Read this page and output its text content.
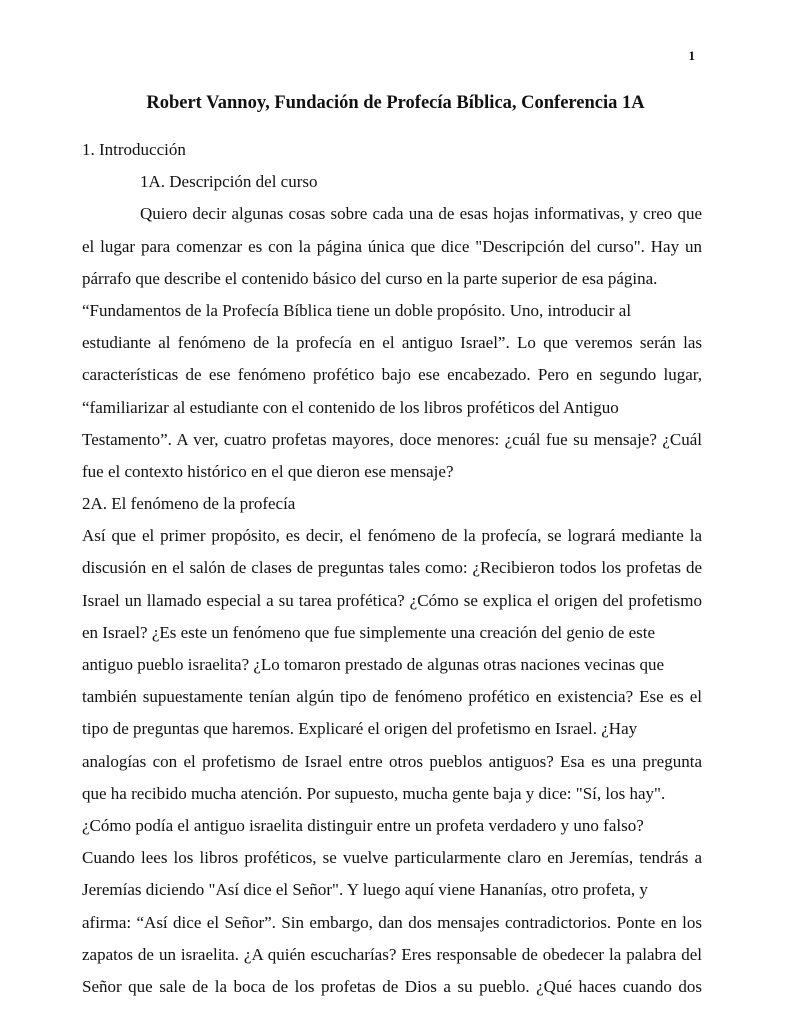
1
Robert Vannoy, Fundación de Profecía Bíblica, Conferencia 1A
1. Introducción
1A. Descripción del curso
Quiero decir algunas cosas sobre cada una de esas hojas informativas, y creo que
el lugar para comenzar es con la página única que dice "Descripción del curso". Hay un
párrafo que describe el contenido básico del curso en la parte superior de esa página.
“Fundamentos de la Profecía Bíblica tiene un doble propósito. Uno, introducir al
estudiante al fenómeno de la profecía en el antiguo Israel”. Lo que veremos serán las
características de ese fenómeno profético bajo ese encabezado. Pero en segundo lugar,
“familiarizar al estudiante con el contenido de los libros proféticos del Antiguo
Testamento”. A ver, cuatro profetas mayores, doce menores: ¿cuál fue su mensaje? ¿Cuál
fue el contexto histórico en el que dieron ese mensaje?
2A. El fenómeno de la profecía
Así que el primer propósito, es decir, el fenómeno de la profecía, se logrará mediante la
discusión en el salón de clases de preguntas tales como: ¿Recibieron todos los profetas de
Israel un llamado especial a su tarea profética? ¿Cómo se explica el origen del profetismo
en Israel? ¿Es este un fenómeno que fue simplemente una creación del genio de este
antiguo pueblo israelita? ¿Lo tomaron prestado de algunas otras naciones vecinas que
también supuestamente tenían algún tipo de fenómeno profético en existencia? Ese es el
tipo de preguntas que haremos. Explicaré el origen del profetismo en Israel. ¿Hay
analogías con el profetismo de Israel entre otros pueblos antiguos? Esa es una pregunta
que ha recibido mucha atención. Por supuesto, mucha gente baja y dice: "Sí, los hay".
¿Cómo podía el antiguo israelita distinguir entre un profeta verdadero y uno falso?
Cuando lees los libros proféticos, se vuelve particularmente claro en Jeremías, tendrás a
Jeremías diciendo "Así dice el Señor". Y luego aquí viene Hananías, otro profeta, y
afirma: “Así dice el Señor”. Sin embargo, dan dos mensajes contradictorios. Ponte en los
zapatos de un israelita. ¿A quién escucharías? Eres responsable de obedecer la palabra del
Señor que sale de la boca de los profetas de Dios a su pueblo. ¿Qué haces cuando dos
